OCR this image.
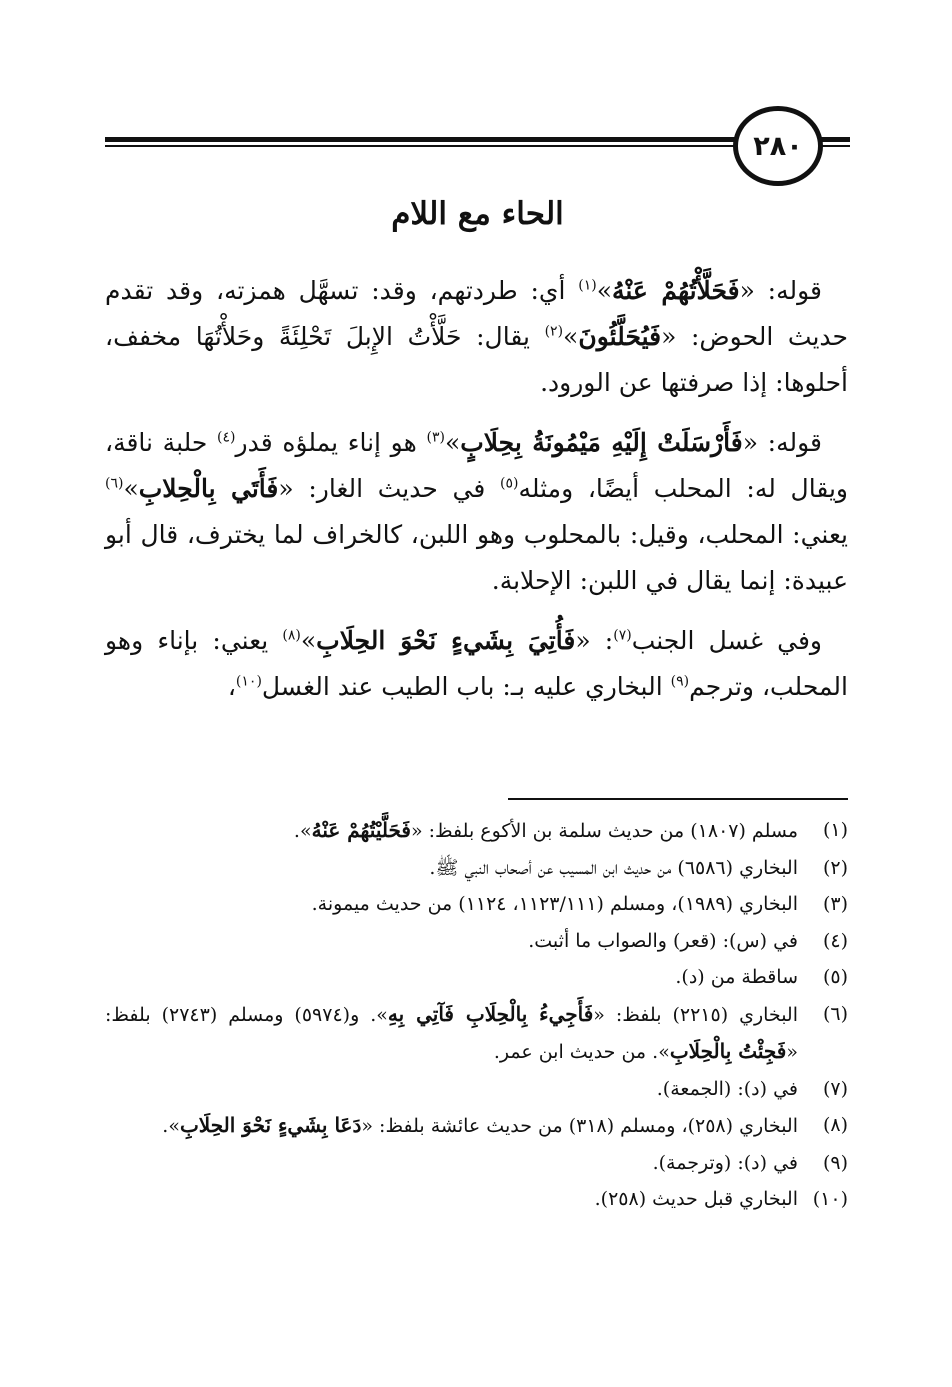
٢٨٠
الحاء مع اللام

قوله: «فَحَلَّأْتُهُمْ عَنْهُ»$^{(١)}$ أي: طردتهم، وقد: تسهَّل همزته، وقد تقدم حديث الحوض: «فَيُحَلَّئُونَ»$^{(٢)}$ يقال: حَلَّأْتُ الإِبلَ تَحْلِئَةً وحَلأْتُهَا مخفف، أحلوها: إذا صرفتها عن الورود.

قوله: «فَأَرْسَلَتْ إِلَيْهِ مَيْمُونَةُ بِحِلَابٍ»$^{(٣)}$ هو إناء يملؤه قدر$^{(٤)}$ حلبة ناقة، ويقال له: المحلب أيضًا، ومثله$^{(٥)}$ في حديث الغار: «فَأَتَي بِالْحِلابِ»$^{(٦)}$ يعني: المحلب، وقيل: بالمحلوب وهو اللبن، كالخراف لما يخترف، قال أبو عبيدة: إنما يقال في اللبن: الإحلابة.

وفي غسل الجنب$^{(٧)}$: «فَأُتِيَ بِشَيءٍ نَحْوَ الحِلَابِ»$^{(٨)}$ يعني: بإناء وهو المحلب، وترجم$^{(٩)}$ البخاري عليه بـ: باب الطيب عند الغسل$^{(١٠)}$،

(١)
مسلم (١٨٠٧) من حديث سلمة بن الأكوع بلفظ: «فَحَلَّيْتُهُمْ عَنْهُ».
(٢)
البخاري (٦٥٨٦) من حديث ابن المسيب عن أصحاب النبي ﷺ.
(٣)
البخاري (١٩٨٩)، ومسلم (١١٢٣/١١١، ١١٢٤) من حديث ميمونة.
(٤)
في (س): (قعر) والصواب ما أثبت.
(٥)
ساقطة من (د).
(٦)
البخاري (٢٢١٥) بلفظ: «فَأَجِيءُ بِالْحِلَابِ فَآتِي بِهِ». و(٥٩٧٤) ومسلم (٢٧٤٣) بلفظ: «فَجِئْتُ بِالْحِلَابِ». من حديث ابن عمر.
(٧)
في (د): (الجمعة).
(٨)
البخاري (٢٥٨)، ومسلم (٣١٨) من حديث عائشة بلفظ: «دَعَا بِشَيءٍ نَحْوَ الحِلَابِ».
(٩)
في (د): (وترجمة).
(١٠)
البخاري قبل حديث (٢٥٨).
